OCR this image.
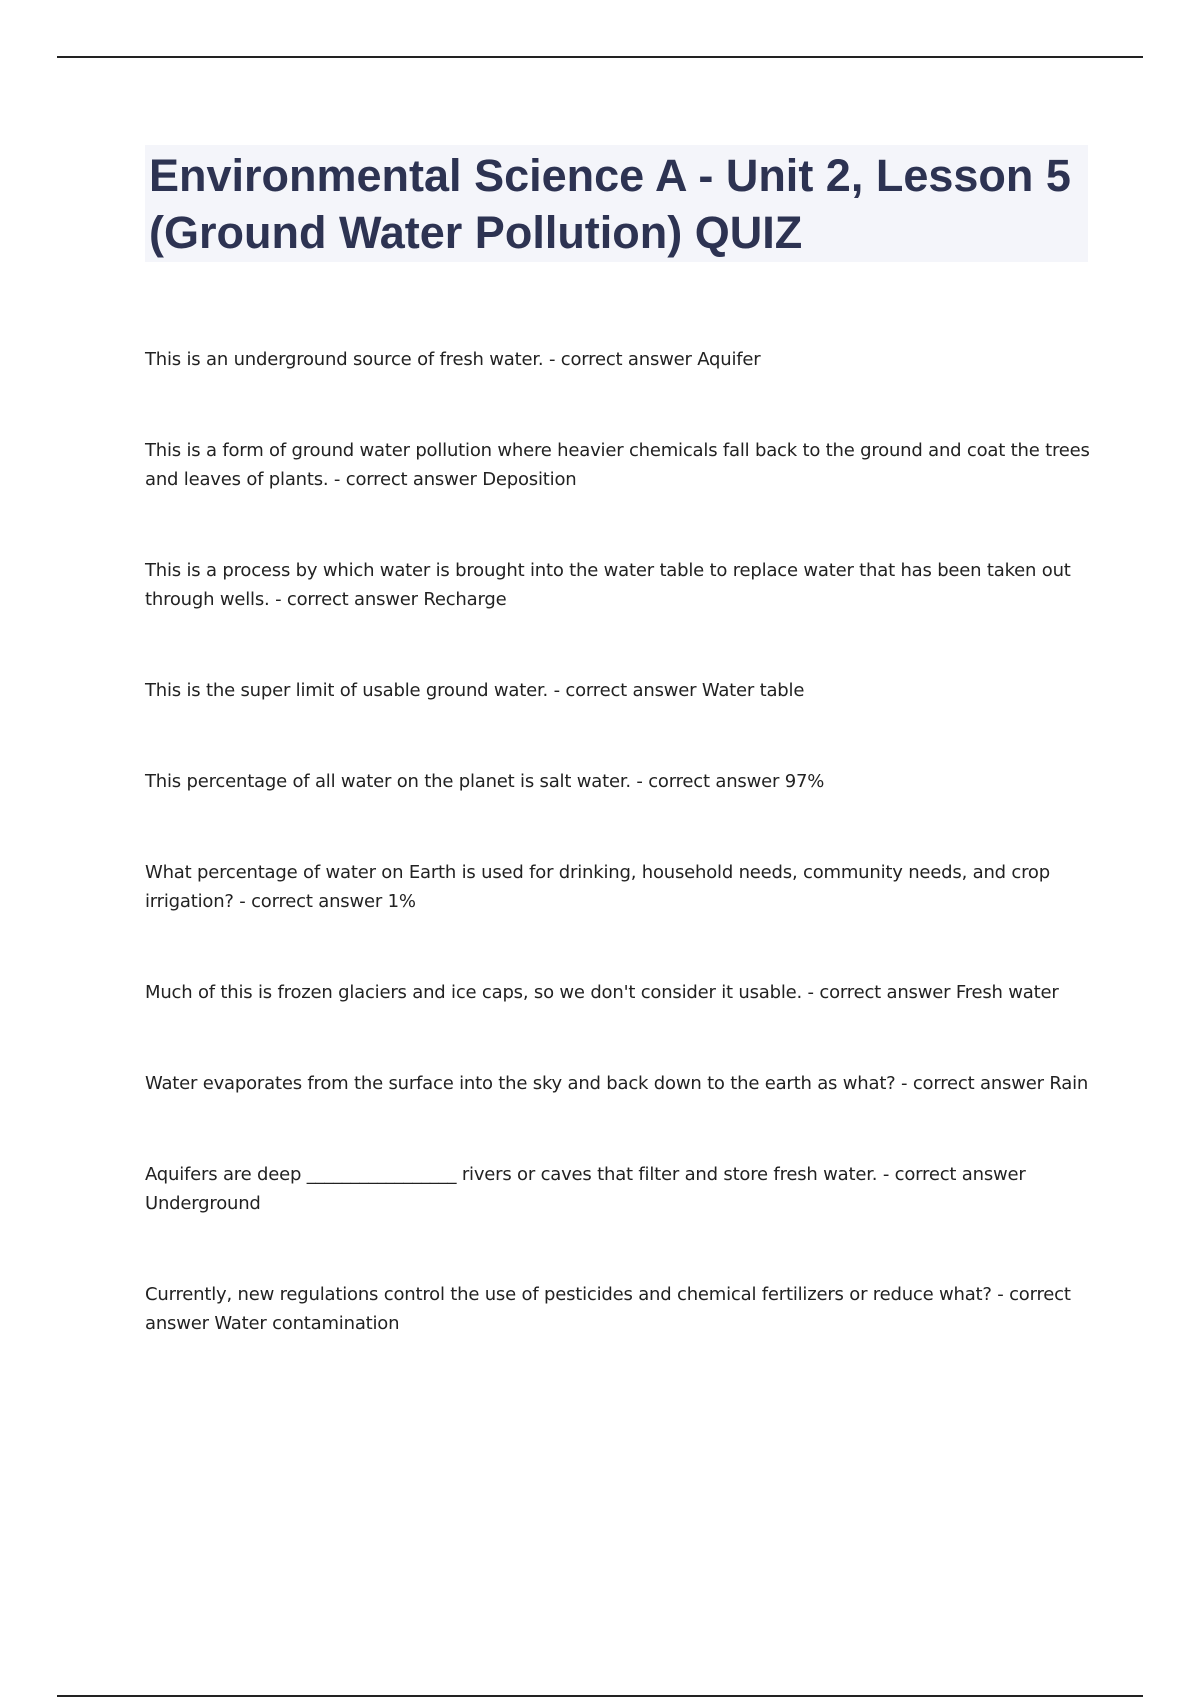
Environmental Science A - Unit 2, Lesson 5 (Ground Water Pollution) QUIZ
This is an underground source of fresh water. - correct answer Aquifer
This is a form of ground water pollution where heavier chemicals fall back to the ground and coat the trees and leaves of plants. - correct answer Deposition
This is a process by which water is brought into the water table to replace water that has been taken out through wells. - correct answer Recharge
This is the super limit of usable ground water. - correct answer Water table
This percentage of all water on the planet is salt water. - correct answer 97%
What percentage of water on Earth is used for drinking, household needs, community needs, and crop irrigation? - correct answer 1%
Much of this is frozen glaciers and ice caps, so we don't consider it usable. - correct answer Fresh water
Water evaporates from the surface into the sky and back down to the earth as what? - correct answer Rain
Aquifers are deep _________________ rivers or caves that filter and store fresh water. - correct answer Underground
Currently, new regulations control the use of pesticides and chemical fertilizers or reduce what? - correct answer Water contamination
